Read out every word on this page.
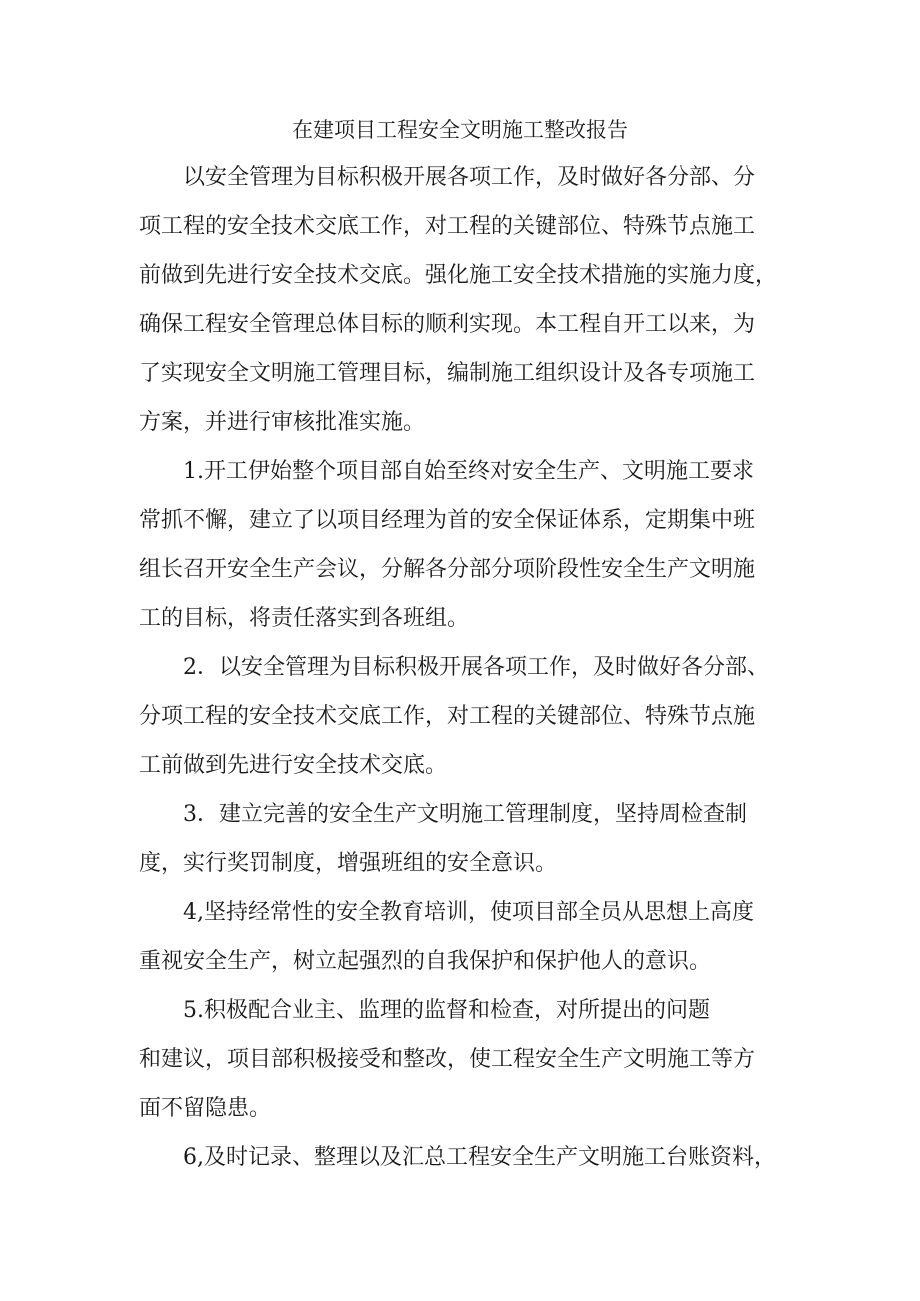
在建项目工程安全文明施工整改报告

以安全管理为目标积极开展各项工作，及时做好各分部、分

项工程的安全技术交底工作，对工程的关键部位、特殊节点施工

前做到先进行安全技术交底。强化施工安全技术措施的实施力度，

确保工程安全管理总体目标的顺利实现。本工程自开工以来，为

了实现安全文明施工管理目标，编制施工组织设计及各专项施工

方案，并进行审核批准实施。

1.开工伊始整个项目部自始至终对安全生产、文明施工要求

常抓不懈，建立了以项目经理为首的安全保证体系，定期集中班

组长召开安全生产会议，分解各分部分项阶段性安全生产文明施

工的目标，将责任落实到各班组。

2．以安全管理为目标积极开展各项工作，及时做好各分部、

分项工程的安全技术交底工作，对工程的关键部位、特殊节点施

工前做到先进行安全技术交底。

3．建立完善的安全生产文明施工管理制度，坚持周检查制

度，实行奖罚制度，增强班组的安全意识。

4,坚持经常性的安全教育培训，使项目部全员从思想上高度

重视安全生产，树立起强烈的自我保护和保护他人的意识。

5.积极配合业主、监理的监督和检查，对所提出的问题

和建议，项目部积极接受和整改，使工程安全生产文明施工等方

面不留隐患。

6,及时记录、整理以及汇总工程安全生产文明施工台账资料，
